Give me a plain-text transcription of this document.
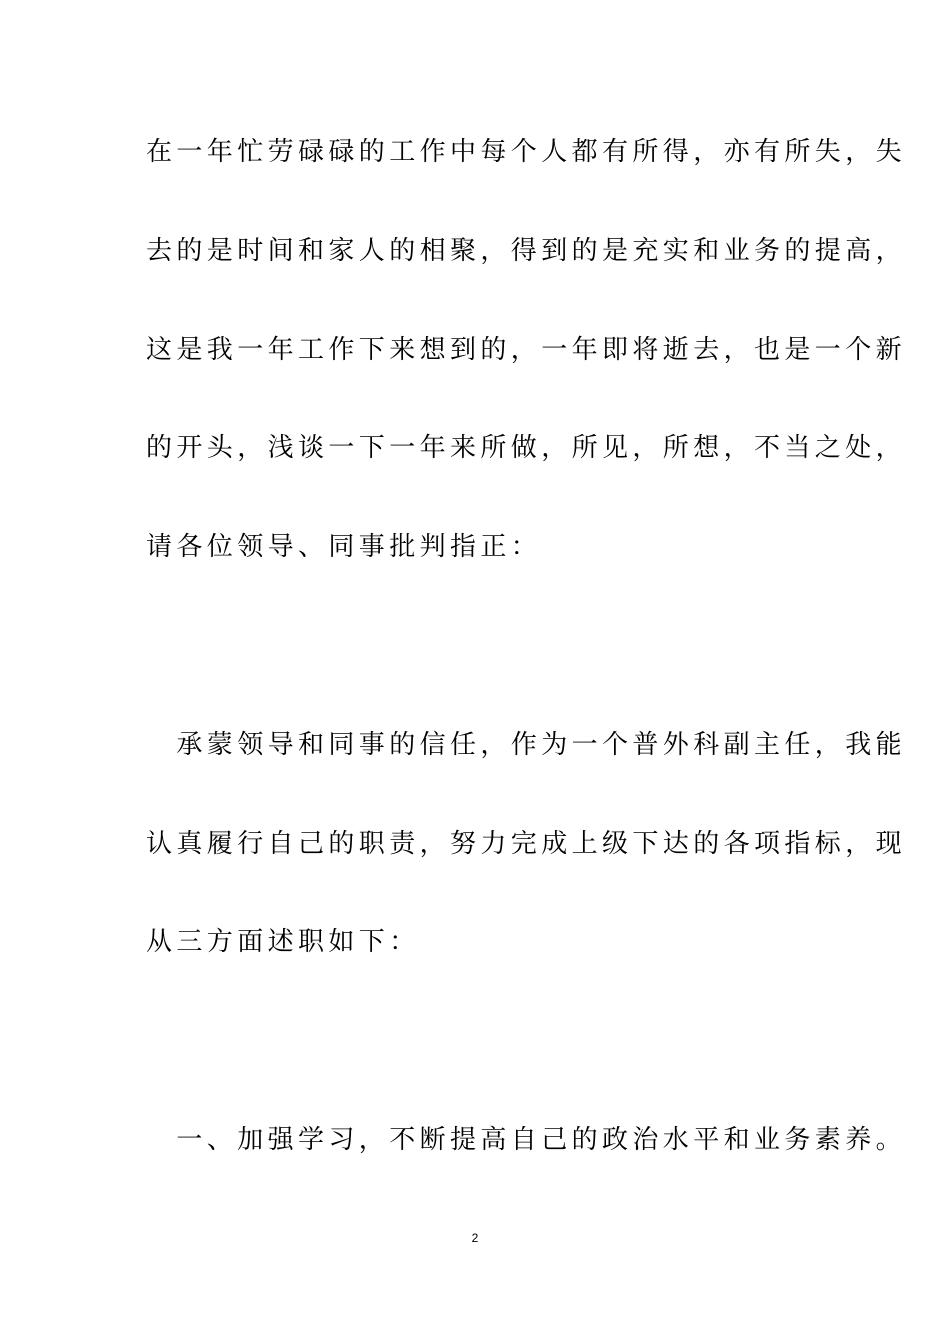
在一年忙劳碌碌的工作中每个人都有所得，亦有所失，失
去的是时间和家人的相聚，得到的是充实和业务的提高，
这是我一年工作下来想到的，一年即将逝去，也是一个新
的开头，浅谈一下一年来所做，所见，所想，不当之处，
请各位领导、同事批判指正：
　承蒙领导和同事的信任，作为一个普外科副主任，我能
认真履行自己的职责，努力完成上级下达的各项指标，现
从三方面述职如下：
　一、加强学习，不断提高自己的政治水平和业务素养。
2
